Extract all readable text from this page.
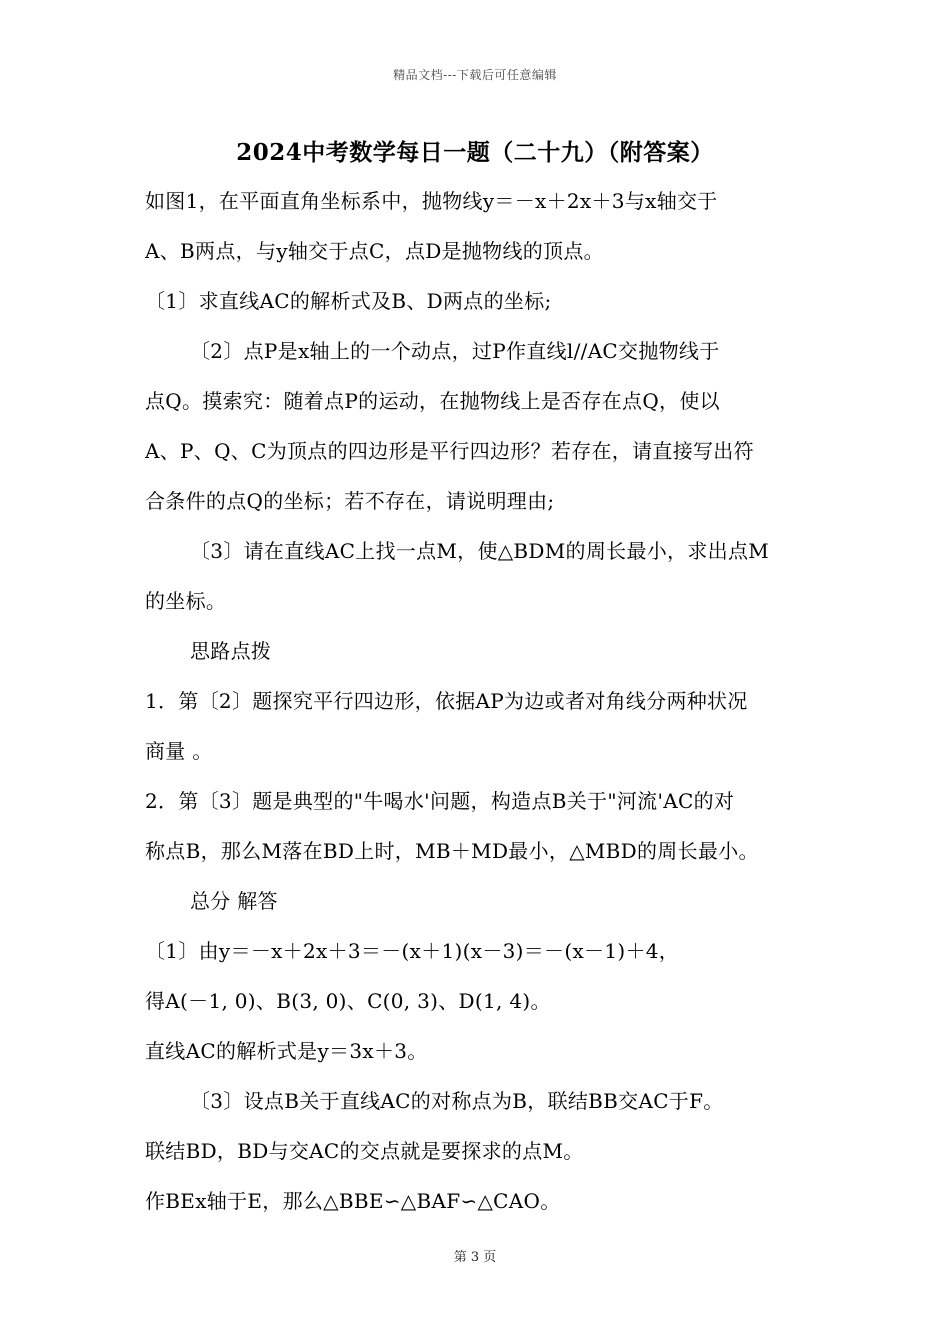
精品文档---下载后可任意编辑
2024中考数学每日一题（二十九）（附答案）
如图1，在平面直角坐标系中，抛物线y＝－x＋2x＋3与x轴交于
A、B两点，与y轴交于点C，点D是抛物线的顶点。
〔1〕求直线AC的解析式及B、D两点的坐标;
〔2〕点P是x轴上的一个动点，过P作直线l//AC交抛物线于
点Q。摸索究：随着点P的运动，在抛物线上是否存在点Q，使以
A、P、Q、C为顶点的四边形是平行四边形？若存在，请直接写出符
合条件的点Q的坐标；若不存在，请说明理由;
〔3〕请在直线AC上找一点M，使△BDM的周长最小，求出点M
的坐标。
思路点拨
1．第〔2〕题探究平行四边形，依据AP为边或者对角线分两种状况
商量 。
2．第〔3〕题是典型的"牛喝水'问题，构造点B关于"河流'AC的对
称点B，那么M落在BD上时，MB＋MD最小，△MBD的周长最小。
总分 解答
〔1〕由y＝－x＋2x＋3＝－(x＋1)(x－3)＝－(x－1)＋4，
得A(－1, 0)、B(3, 0)、C(0, 3)、D(1, 4)。
直线AC的解析式是y＝3x＋3。
〔3〕设点B关于直线AC的对称点为B，联结BB交AC于F。
联结BD，BD与交AC的交点就是要探求的点M。
作BEx轴于E，那么△BBE∽△BAF∽△CAO。
第 3 页
